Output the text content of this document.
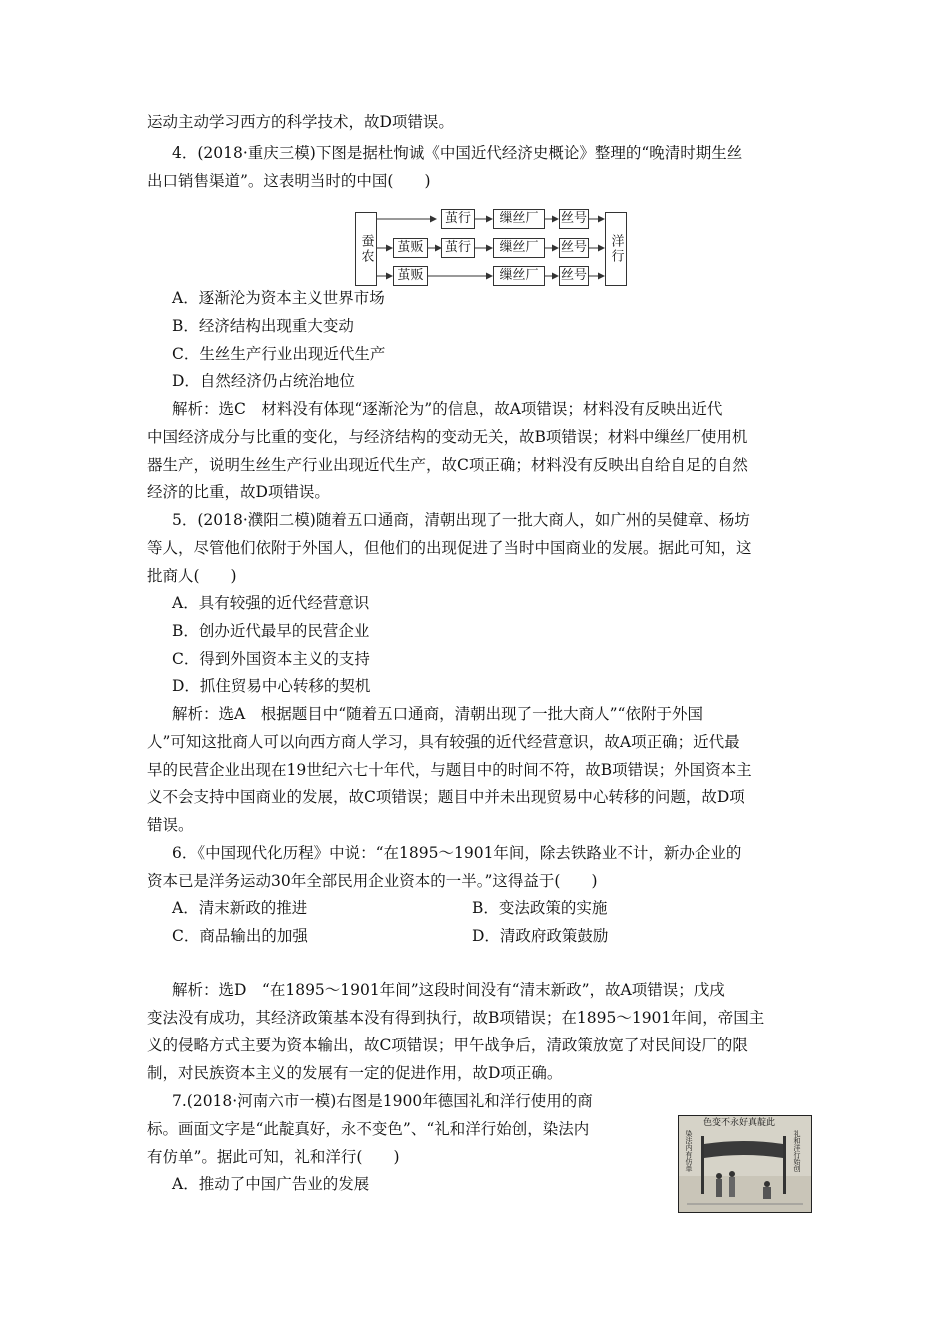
运动主动学习西方的科学技术，故D项错误。
4．(2018·重庆三模)下图是据杜恂诚《中国近代经济史概论》整理的“晚清时期生丝
出口销售渠道”。这表明当时的中国(　　)
A．逐渐沦为资本主义世界市场
B．经济结构出现重大变动
C．生丝生产行业出现近代生产
D．自然经济仍占统治地位
解析：选C　材料没有体现“逐渐沦为”的信息，故A项错误；材料没有反映出近代
中国经济成分与比重的变化，与经济结构的变动无关，故B项错误；材料中缫丝厂使用机
器生产，说明生丝生产行业出现近代生产，故C项正确；材料没有反映出自给自足的自然
经济的比重，故D项错误。
5．(2018·濮阳二模)随着五口通商，清朝出现了一批大商人，如广州的吴健章、杨坊
等人，尽管他们依附于外国人，但他们的出现促进了当时中国商业的发展。据此可知，这
批商人(　　)
A．具有较强的近代经营意识
B．创办近代最早的民营企业
C．得到外国资本主义的支持
D．抓住贸易中心转移的契机
解析：选A　根据题目中“随着五口通商，清朝出现了一批大商人”“依附于外国
人”可知这批商人可以向西方商人学习，具有较强的近代经营意识，故A项正确；近代最
早的民营企业出现在19世纪六七十年代，与题目中的时间不符，故B项错误；外国资本主
义不会支持中国商业的发展，故C项错误；题目中并未出现贸易中心转移的问题，故D项
错误。
6．《中国现代化历程》中说：“在1895～1901年间，除去铁路业不计，新办企业的
资本已是洋务运动30年全部民用企业资本的一半。”这得益于(　　)
A．清末新政的推进	B．变法政策的实施
C．商品输出的加强	D．清政府政策鼓励
解析：选D　“在1895～1901年间”这段时间没有“清末新政”，故A项错误；戊戌
变法没有成功，其经济政策基本没有得到执行，故B项错误；在1895～1901年间，帝国主
义的侵略方式主要为资本输出，故C项错误；甲午战争后，清政策放宽了对民间设厂的限
制，对民族资本主义的发展有一定的促进作用，故D项正确。
7.(2018·河南六市一模)右图是1900年德国礼和洋行使用的商
标。画面文字是“此靛真好，永不变色”、“礼和洋行始创，染法内
有仿单”。据此可知，礼和洋行(　　)
A．推动了中国广告业的发展
蚕农	洋行
茧行	缫丝厂	丝号
茧贩	茧行	缫丝厂	丝号
茧贩	缫丝厂	丝号
色变不永好真靛此
染法内有仿单	礼和洋行始创
